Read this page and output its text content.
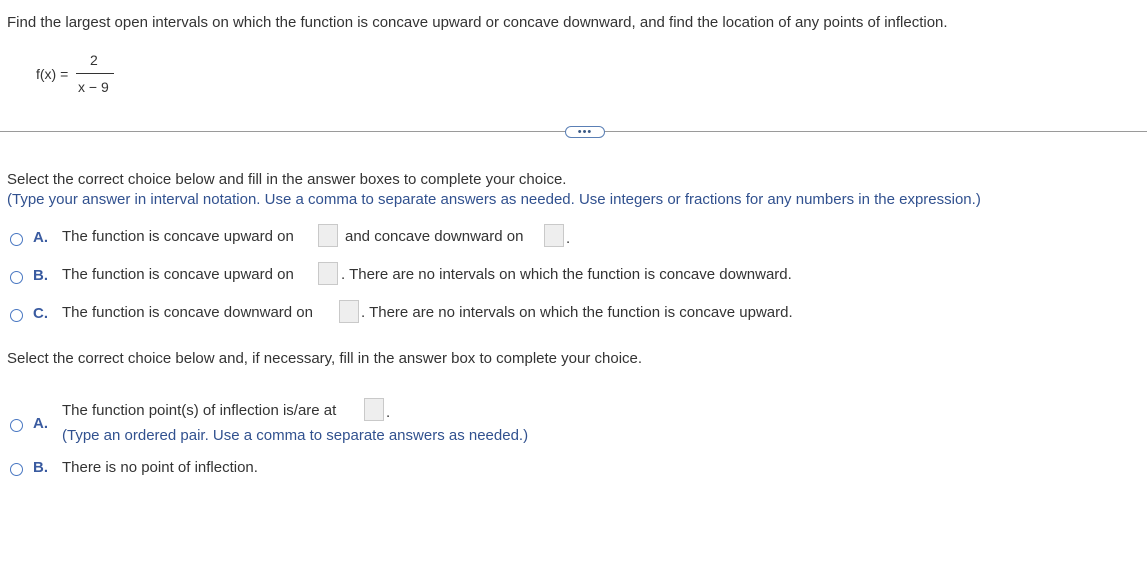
Find the largest open intervals on which the function is concave upward or concave downward, and find the location of any points of inflection.
f(x) =
2
x − 9
•••
Select the correct choice below and fill in the answer boxes to complete your choice.
(Type your answer in interval notation. Use a comma to separate answers as needed. Use integers or fractions for any numbers in the expression.)
A. The function is concave upward on	and concave downward on	.
B. The function is concave upward on	. There are no intervals on which the function is concave downward.
C. The function is concave downward on	. There are no intervals on which the function is concave upward.
Select the correct choice below and, if necessary, fill in the answer box to complete your choice.
A.
The function point(s) of inflection is/are at	.
(Type an ordered pair. Use a comma to separate answers as needed.)
B. There is no point of inflection.
